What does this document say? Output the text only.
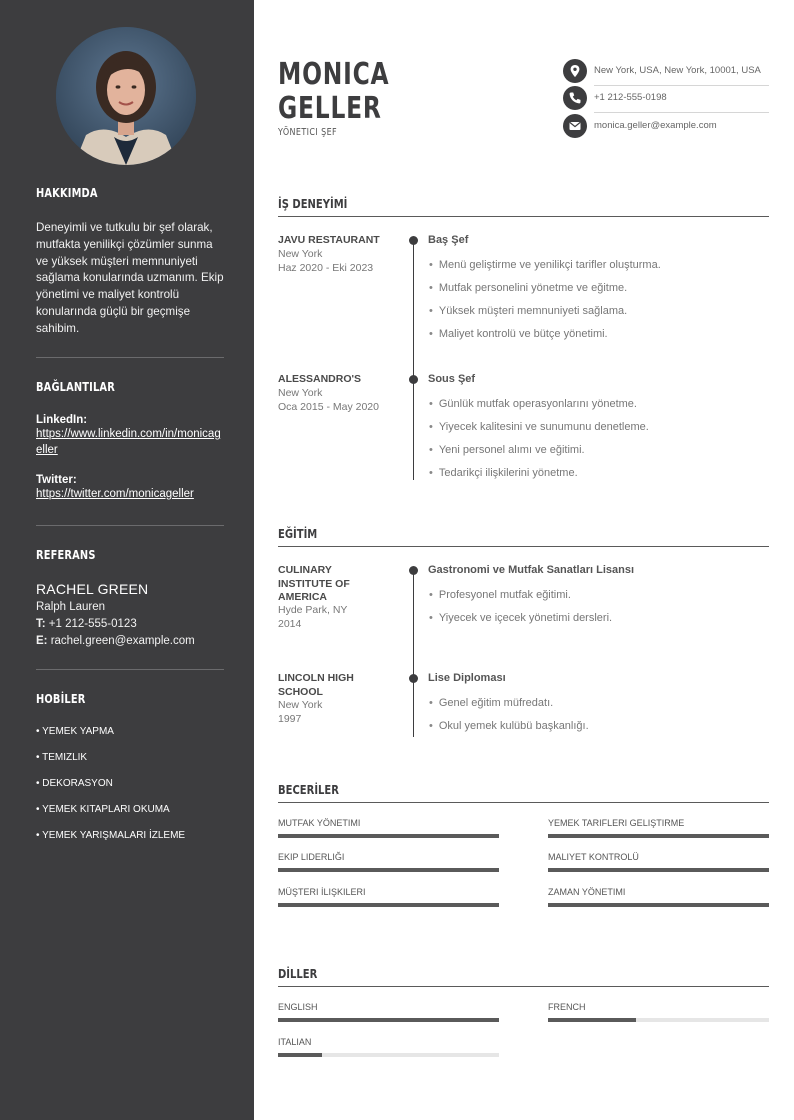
HAKKIMDA
Deneyimli ve tutkulu bir şef olarak, mutfakta yenilikçi çözümler sunma ve yüksek müşteri memnuniyeti sağlama konularında uzmanım. Ekip yönetimi ve maliyet kontrolü konularında güçlü bir geçmişe sahibim.
BAĞLANTILAR
LinkedIn:
https://www.linkedin.com/in/monicageller
Twitter:
https://twitter.com/monicageller
REFERANS
RACHEL GREEN
Ralph Lauren
T: +1 212-555-0123
E: rachel.green@example.com
HOBİLER
• YEMEK YAPMA
• TEMIZLIK
• DEKORASYON
• YEMEK KITAPLARI OKUMA
• YEMEK YARIŞMALARI İZLEME
MONICA
GELLER
YÖNETICI ŞEF
New York, USA, New York, 10001, USA
+1 212-555-0198
monica.geller@example.com
İŞ DENEYİMİ
JAVU RESTAURANT
New York
Haz 2020 - Eki 2023
Baş Şef
• Menü geliştirme ve yenilikçi tarifler oluşturma.
• Mutfak personelini yönetme ve eğitme.
• Yüksek müşteri memnuniyeti sağlama.
• Maliyet kontrolü ve bütçe yönetimi.
ALESSANDRO'S
New York
Oca 2015 - May 2020
Sous Şef
• Günlük mutfak operasyonlarını yönetme.
• Yiyecek kalitesini ve sunumunu denetleme.
• Yeni personel alımı ve eğitimi.
• Tedarikçi ilişkilerini yönetme.
EĞİTİM
CULINARY
INSTITUTE OF
AMERICA
Hyde Park, NY
2014
Gastronomi ve Mutfak Sanatları Lisansı
• Profesyonel mutfak eğitimi.
• Yiyecek ve içecek yönetimi dersleri.
LINCOLN HIGH
SCHOOL
New York
1997
Lise Diploması
• Genel eğitim müfredatı.
• Okul yemek kulübü başkanlığı.
BECERİLER
MUTFAK YÖNETIMI	YEMEK TARIFLERI GELIŞTIRME
EKIP LIDERLIĞI	MALIYET KONTROLÜ
MÜŞTERI İLIŞKILERI	ZAMAN YÖNETIMI
DİLLER
ENGLISH	FRENCH
ITALIAN
